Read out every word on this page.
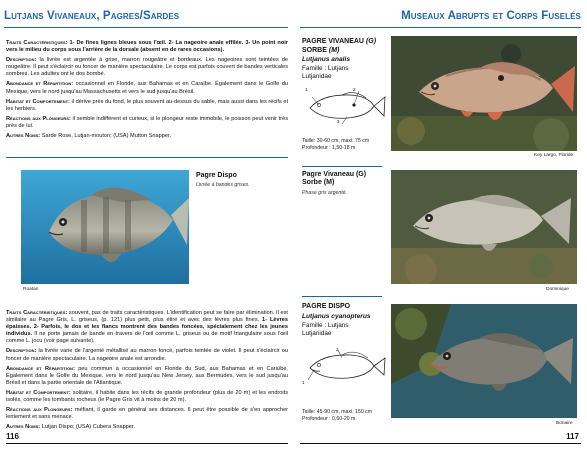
Lutjans Vivaneaux, Pagres/Sardes

Traits Caractéristiques: 1- De fines lignes bleues sous l'œil. 2- La nageoire anale effilée. 3- Un point noir vers le milieu du corps sous l'arrière de la dorsale (absent en de rares occasions).

Description: la livrée est argentée à grise, marron rougeâtre et bordeaux. Les nageoires sont teintées de rougeâtre. Il peut s'éclaircir ou foncer de manière spectaculaire. Le corps est parfois couvert de bandes verticales sombres. Les adultes ont le dos bombé.

Abondance et Répartition: occasionnel en Floride, aux Bahamas et en Caraïbe. Également dans le Golfe du Mexique, vers le nord jusqu'au Massachusetts et vers le sud jusqu'au Brésil.

Habitat et Comportement: il dérive près du fond, le plus souvent au-dessus du sable, mais aussi dans les récifs et les herbiers.

Réactions aux Plongeurs: il semble indifférent et curieux, si le plongeur reste immobile, le poisson peut venir très près de lui.

Autres Noms: Sarde Rose, Lutjan-mouton; (USA) Mutton Snapper.

Roatan
Pagre Dispo
Livrée à bandes grises.

Traits Caractéristiques: souvent, pas de traits caractéristiques. L'identification peut se faire par élimination. Il est similaire au Pagre Gris, L. griseus, (p. 121) plus petit, plus étiré et avec des lèvres plus fines. 1- Lèvres épaisses. 2- Parfois, le dos et les flancs montrent des bandes foncées, spécialement chez les jeunes individus. Il ne porte jamais de bande en travers de l'œil comme L. griseus ou de motif triangulaire sous l'œil comme L. jocu (voir page suivante).

Description: la livrée varie de l'argenté métallisé au marron foncé, parfois teintée de violet. Il peut s'éclaircir ou foncer de manière spectaculaire. La nageoire anale est arrondie.

Abondance et Répartition: peu commun à occasionnel en Floride du Sud, aux Bahamas et en Caraïbe. Également dans le Golfe du Mexique, vers le nord jusqu'au New Jersey, aux Bermudes, vers le sud jusqu'au Brésil et dans la partie orientale de l'Atlantique.

Habitat et Comportement: solitaire, il habite dans les récifs de grande profondeur (plus de 20 m) et les endroits isolés, comme les tombants rocheux (le Pagre Gris vit à moins de 20 m).

Réactions aux Plongeurs: méfiant, il garde en général ses distances. Il peut être possible de s'en approcher lentement et sans menace.

Autres Noms: Lutjan Dispo; (USA) Cubera Snapper.

116
Museaux Abrupts et Corps Fuselés
PAGRE VIVANEAU (G)
SORBE (M)
Lutjanus analis
Famille : Lutjans
Lutjanidae
1	2
3
Taille: 30-60 cm, maxi. 75 cm
Profondeur : 1,50-18 m
Key Largo, Floride
Pagre Vivaneau (G)
Sorbe (M)
Phase gris argenté.
Dominique
PAGRE DISPO
Lutjanus cyanopterus
Famille : Lutjans
Lutjanidae
1
2
Taille: 45-90 cm, maxi. 150 cm
Profondeur : 0,60-20 m
Bonaire
117
